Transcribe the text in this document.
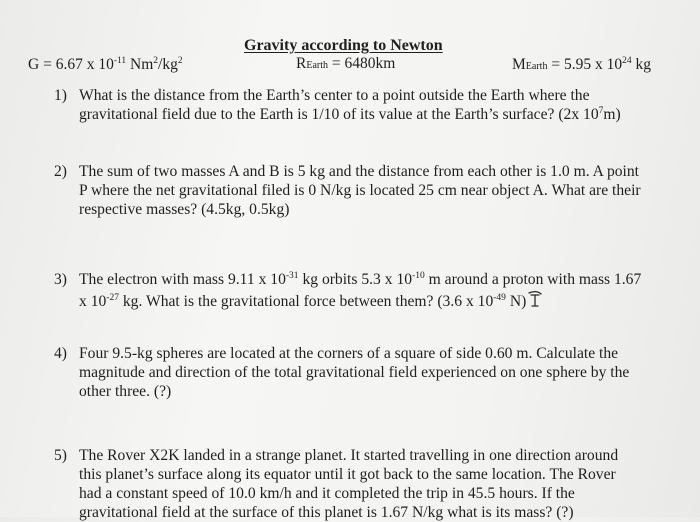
Gravity according to Newton
G = 6.67 x $10^{-11}$ $Nm^2/kg^2$	REarth = 6480km	MEarth = 5.95 x $10^{24}$ kg
1) What is the distance from the Earth’s center to a point outside the Earth where the
gravitational field due to the Earth is 1/10 of its value at the Earth’s surface? (2x $10^7m$)
2) The sum of two masses A and B is 5 kg and the distance from each other is 1.0 m. A point
P where the net gravitational filed is 0 N/kg is located 25 cm near object A. What are their
respective masses? (4.5kg, 0.5kg)
3) The electron with mass 9.11 x $10^{-31}$ kg orbits 5.3 x $10^{-10}$ m around a proton with mass 1.67
x $10^{-27}$ kg. What is the gravitational force between them? (3.6 x $10^{-49}$ N)
4) Four 9.5-kg spheres are located at the corners of a square of side 0.60 m. Calculate the
magnitude and direction of the total gravitational field experienced on one sphere by the
other three. (?)
5) The Rover X2K landed in a strange planet. It started travelling in one direction around
this planet’s surface along its equator until it got back to the same location. The Rover
had a constant speed of 10.0 km/h and it completed the trip in 45.5 hours. If the
gravitational field at the surface of this planet is 1.67 N/kg what is its mass? (?)
